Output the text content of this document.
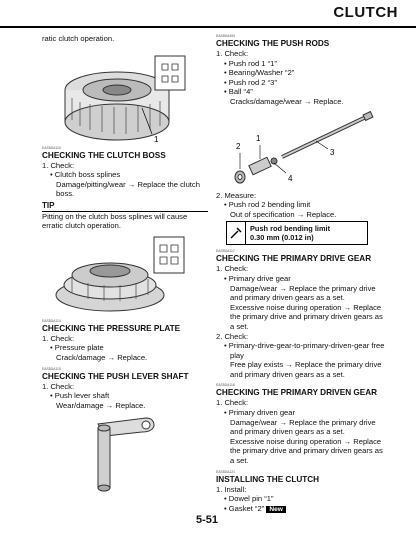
CLUTCH
ratic clutch operation.
1
EAS5DA110
CHECKING THE CLUTCH BOSS
1. Check:
• Clutch boss splines
Damage/pitting/wear → Replace the clutch boss.
TIP
Pitting on the clutch boss splines will cause erratic clutch operation.
EAS5DA114
CHECKING THE PRESSURE PLATE
1. Check:
• Pressure plate
Crack/damage → Replace.
EAS5DA115
CHECKING THE PUSH LEVER SHAFT
1. Check:
• Push lever shaft
Wear/damage → Replace.
EAS5DA494
CHECKING THE PUSH RODS
1. Check:
• Push rod 1 “1”
• Bearing/Washer “2”
• Push rod 2 “3”
• Ball “4”
Cracks/damage/wear → Replace.
2
1
3
4
2. Measure:
• Push rod 2 bending limit
Out of specification → Replace.
Push rod bending limit
0.30 mm (0.012 in)
EAS5DA117
CHECKING THE PRIMARY DRIVE GEAR
1. Check:
• Primary drive gear
Damage/wear → Replace the primary drive and primary driven gears as a set.
Excessive noise during operation → Replace the primary drive and primary driven gears as a set.
2. Check:
• Primary-drive-gear-to-primary-driven-gear free play
Free play exists → Replace the primary drive and primary driven gears as a set.
EAS5DA118
CHECKING THE PRIMARY DRIVEN GEAR
1. Check:
• Primary driven gear
Damage/wear → Replace the primary drive and primary driven gears as a set.
Excessive noise during operation → Replace the primary drive and primary driven gears as a set.
EAS5DA121
INSTALLING THE CLUTCH
1. Install:
• Dowel pin “1”
• Gasket “2” New
5-51
